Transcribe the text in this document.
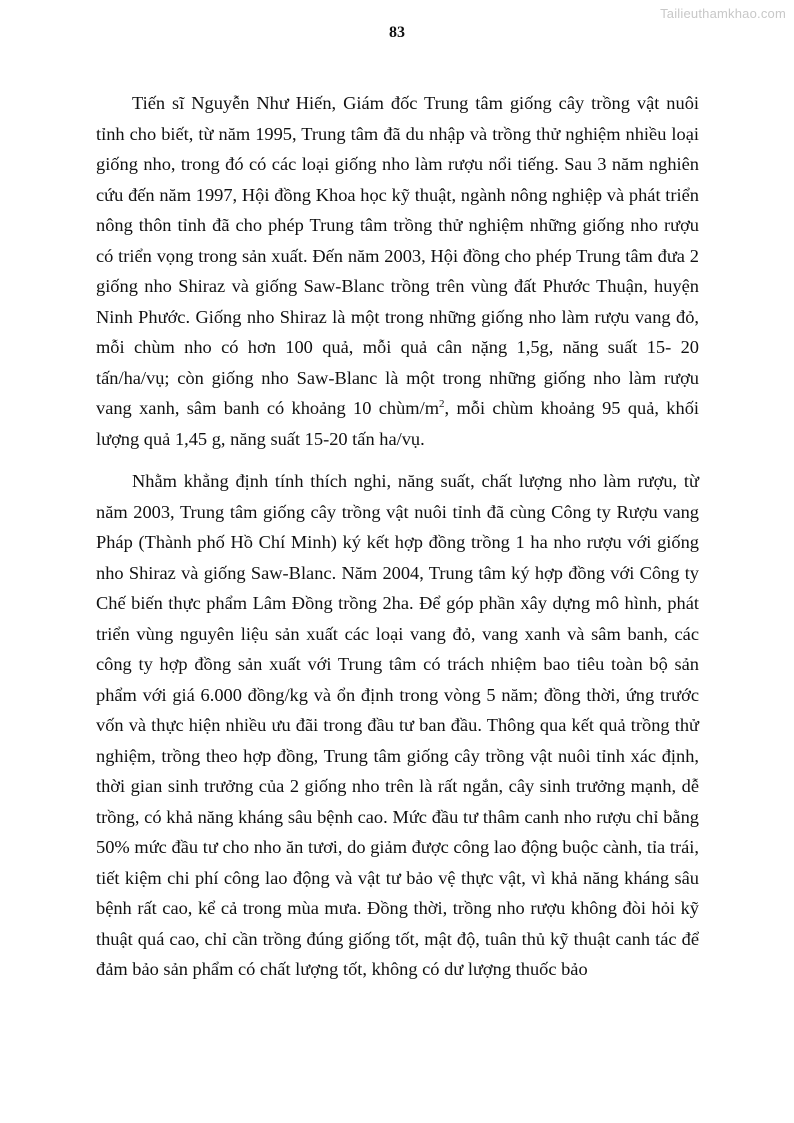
Tailieuthamkhao.com
83

Tiến sĩ Nguyễn Như Hiến, Giám đốc Trung tâm giống cây trồng vật nuôi tỉnh cho biết, từ năm 1995, Trung tâm đã du nhập và trồng thử nghiệm nhiều loại giống nho, trong đó có các loại giống nho làm rượu nổi tiếng. Sau 3 năm nghiên cứu đến năm 1997, Hội đồng Khoa học kỹ thuật, ngành nông nghiệp và phát triển nông thôn tỉnh đã cho phép Trung tâm trồng thử nghiệm những giống nho rượu có triển vọng trong sản xuất. Đến năm 2003, Hội đồng cho phép Trung tâm đưa 2 giống nho Shiraz và giống Saw-Blanc trồng trên vùng đất Phước Thuận, huyện Ninh Phước. Giống nho Shiraz là một trong những giống nho làm rượu vang đỏ, mỗi chùm nho có hơn 100 quả, mỗi quả cân nặng 1,5g, năng suất 15- 20 tấn/ha/vụ; còn giống nho Saw-Blanc là một trong những giống nho làm rượu vang xanh, sâm banh có khoảng 10 chùm/$m^2$, mỗi chùm khoảng 95 quả, khối lượng quả 1,45 g, năng suất 15-20 tấn ha/vụ.

Nhằm khẳng định tính thích nghi, năng suất, chất lượng nho làm rượu, từ năm 2003, Trung tâm giống cây trồng vật nuôi tỉnh đã cùng Công ty Rượu vang Pháp (Thành phố Hồ Chí Minh) ký kết hợp đồng trồng 1 ha nho rượu với giống nho Shiraz và giống Saw-Blanc. Năm 2004, Trung tâm ký hợp đồng với Công ty Chế biến thực phẩm Lâm Đồng trồng 2ha. Để góp phần xây dựng mô hình, phát triển vùng nguyên liệu sản xuất các loại vang đỏ, vang xanh và sâm banh, các công ty hợp đồng sản xuất với Trung tâm có trách nhiệm bao tiêu toàn bộ sản phẩm với giá 6.000 đồng/kg và ổn định trong vòng 5 năm; đồng thời, ứng trước vốn và thực hiện nhiều ưu đãi trong đầu tư ban đầu. Thông qua kết quả trồng thử nghiệm, trồng theo hợp đồng, Trung tâm giống cây trồng vật nuôi tỉnh xác định, thời gian sinh trưởng của 2 giống nho trên là rất ngắn, cây sinh trưởng mạnh, dễ trồng, có khả năng kháng sâu bệnh cao. Mức đầu tư thâm canh nho rượu chỉ bằng 50% mức đầu tư cho nho ăn tươi, do giảm được công lao động buộc cành, tỉa trái, tiết kiệm chi phí công lao động và vật tư bảo vệ thực vật, vì khả năng kháng sâu bệnh rất cao, kể cả trong mùa mưa. Đồng thời, trồng nho rượu không đòi hỏi kỹ thuật quá cao, chỉ cần trồng đúng giống tốt, mật độ, tuân thủ kỹ thuật canh tác để đảm bảo sản phẩm có chất lượng tốt, không có dư lượng thuốc bảo
